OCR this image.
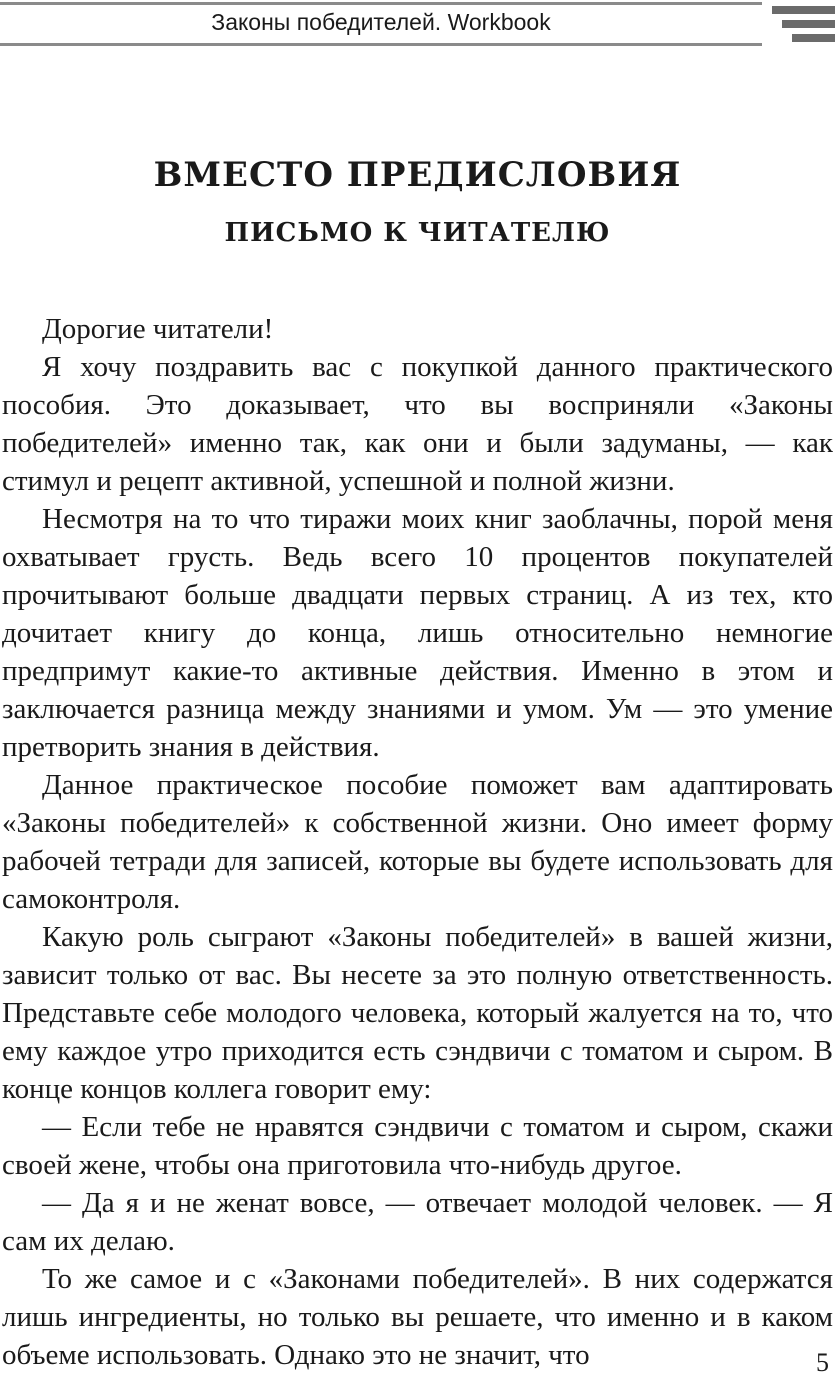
Законы победителей. Workbook
ВМЕСТО ПРЕДИСЛОВИЯ
ПИСЬМО К ЧИТАТЕЛЮ

Дорогие читатели!

Я хочу поздравить вас с покупкой данного практического пособия. Это доказывает, что вы восприняли «Законы победителей» именно так, как они и были задуманы, — как стимул и рецепт активной, успешной и полной жизни.

Несмотря на то что тиражи моих книг заоблачны, порой меня охватывает грусть. Ведь всего 10 процентов покупателей прочитывают больше двадцати первых страниц. А из тех, кто дочитает книгу до конца, лишь относительно немногие предпримут какие-то активные действия. Именно в этом и заключается разница между знаниями и умом. Ум — это умение претворить знания в действия.

Данное практическое пособие поможет вам адаптировать «Законы победителей» к собственной жизни. Оно имеет форму рабочей тетради для записей, которые вы будете использовать для самоконтроля.

Какую роль сыграют «Законы победителей» в вашей жизни, зависит только от вас. Вы несете за это полную ответственность. Представьте себе молодого человека, который жалуется на то, что ему каждое утро приходится есть сэндвичи с томатом и сыром. В конце концов коллега говорит ему:

— Если тебе не нравятся сэндвичи с томатом и сыром, скажи своей жене, чтобы она приготовила что-нибудь другое.

— Да я и не женат вовсе, — отвечает молодой человек. — Я сам их делаю.

То же самое и с «Законами победителей». В них содержатся лишь ингредиенты, но только вы решаете, что именно и в каком объеме использовать. Однако это не значит, что	5
